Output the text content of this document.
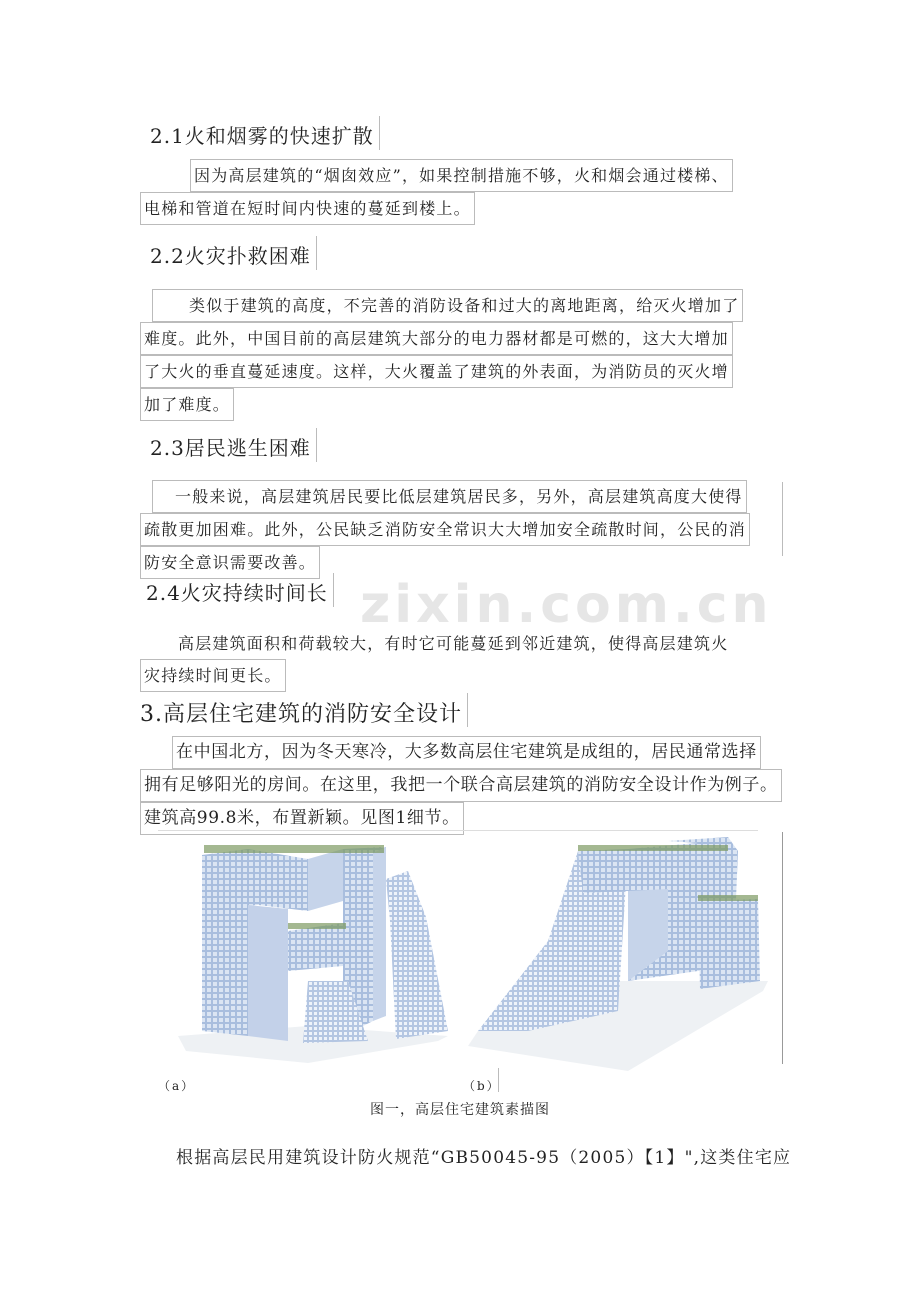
zixin.com.cn
2.1火和烟雾的快速扩散
因为高层建筑的“烟囱效应”，如果控制措施不够，火和烟会通过楼梯、
电梯和管道在短时间内快速的蔓延到楼上。
2.2火灾扑救困难
类似于建筑的高度，不完善的消防设备和过大的离地距离，给灭火增加了
难度。此外，中国目前的高层建筑大部分的电力器材都是可燃的，这大大增加
了大火的垂直蔓延速度。这样，大火覆盖了建筑的外表面，为消防员的灭火增
加了难度。
2.3居民逃生困难
一般来说，高层建筑居民要比低层建筑居民多，另外，高层建筑高度大使得
疏散更加困难。此外，公民缺乏消防安全常识大大增加安全疏散时间，公民的消
防安全意识需要改善。
2.4火灾持续时间长
高层建筑面积和荷载较大，有时它可能蔓延到邻近建筑，使得高层建筑火
灾持续时间更长。
3.高层住宅建筑的消防安全设计
在中国北方，因为冬天寒冷，大多数高层住宅建筑是成组的，居民通常选择
拥有足够阳光的房间。在这里，我把一个联合高层建筑的消防安全设计作为例子。
建筑高99.8米，布置新颖。见图1细节。
（a）	（b）
图一，高层住宅建筑素描图
根据高层民用建筑设计防火规范“GB50045-95（2005）【1】",这类住宅应
